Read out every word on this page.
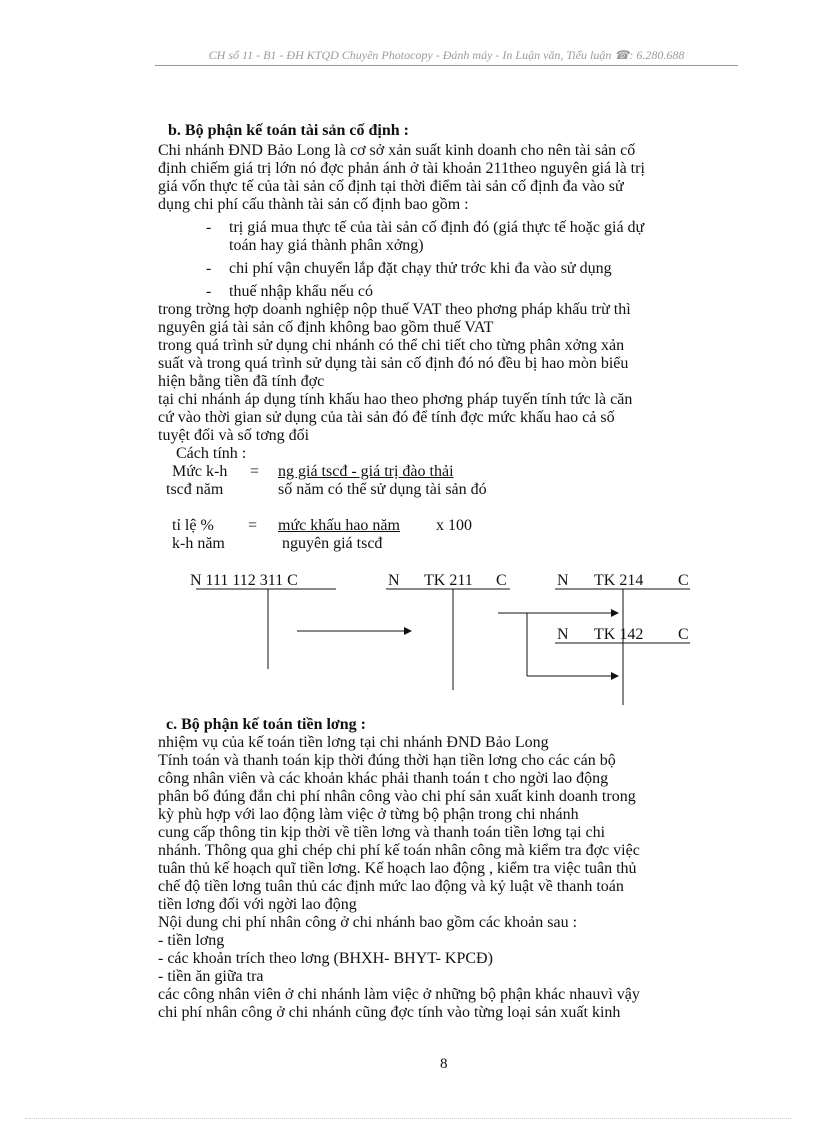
CH số 11 - B1 - ĐH KTQD Chuyên Photocopy - Đánh máy - In Luận văn, Tiểu luận ☎: 6.280.688
b. Bộ phận kế toán tài sản cố định :
Chi nhánh ĐND Bảo Long là cơ sở xản suất kinh doanh cho nên tài sản cố
định chiếm giá trị lớn nó đợc phản ánh ở tài khoản 211theo nguyên giá là trị
giá vốn thực tế của tài sản cố định tại thời điểm tài sản cố định đa vào sử
dụng chi phí cấu thành tài sản cố định bao gồm :
- trị giá mua thực tế của tài sản cố định đó (giá thực tế hoặc giá dự
toán hay giá thành phân xởng)
- chi phí vận chuyển lắp đặt chạy thử trớc khi đa vào sử dụng
- thuế nhập khẩu nếu có
trong trờng hợp doanh nghiệp nộp thuế VAT theo phơng pháp khấu trừ thì
nguyên giá tài sản cố định không bao gồm thuế VAT
trong quá trình sử dụng chi nhánh có thể chi tiết cho từng phân xởng xản
suất và trong quá trình sử dụng tài sản cố định đó nó đều bị hao mòn biểu
hiện bằng tiền đã tính đợc
tại chi nhánh áp dụng tính khấu hao theo phơng pháp tuyến tính tức là căn
cứ vào thời gian sử dụng của tài sản đó để tính đợc mức khấu hao cả số
tuyệt đối và số tơng đối
Cách tính :
Mức k-h = ng giá tscđ - giá trị đào thải
tscđ năm	số năm có thể sử dụng tài sản đó
tỉ lệ % = mức khấu hao năm x 100
k-h năm	nguyên giá tscđ
N 111 112 311 C	N TK 211 C	N TK 214 C
N TK 142 C
c. Bộ phận kế toán tiền lơng :
nhiệm vụ của kế toán tiền lơng tại chi nhánh ĐND Bảo Long
Tính toán và thanh toán kịp thời đúng thời hạn tiền lơng cho các cán bộ
công nhân viên và các khoản khác phải thanh toán t cho ngời lao động
phân bổ đúng đắn chi phí nhân công vào chi phí sản xuất kinh doanh trong
kỳ phù hợp với lao động làm việc ở từng bộ phận trong chi nhánh
cung cấp thông tin kịp thời về tiền lơng và thanh toán tiền lơng tại chi
nhánh. Thông qua ghi chép chi phí kế toán nhân công mà kiểm tra đợc việc
tuân thủ kế hoạch quĩ tiền lơng. Kế hoạch lao động , kiểm tra việc tuân thủ
chế độ tiền lơng tuân thủ các định mức lao động và kỷ luật về thanh toán
tiền lơng đối với ngời lao động
Nội dung chi phí nhân công ở chi nhánh bao gồm các khoản sau :
- tiền lơng
- các khoản trích theo lơng (BHXH- BHYT- KPCĐ)
- tiền ăn giữa tra
các công nhân viên ở chi nhánh làm việc ở những bộ phận khác nhauvì vậy
chi phí nhân công ở chi nhánh cũng đợc tính vào từng loại sản xuất kinh
8
